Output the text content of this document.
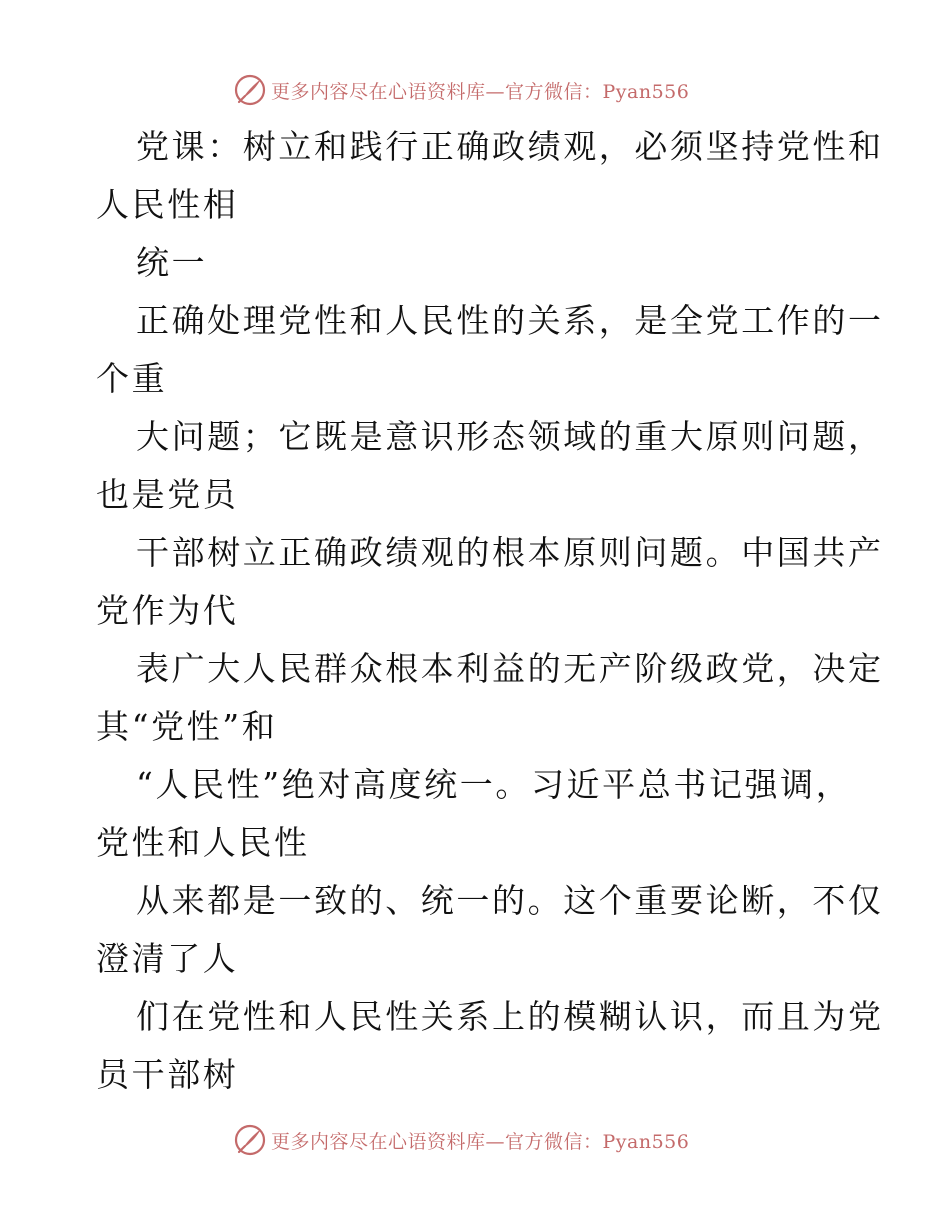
更多内容尽在心语资料库—官方微信：Pyan556
党课：树立和践行正确政绩观，必须坚持党性和
人民性相
统一
正确处理党性和人民性的关系，是全党工作的一
个重
大问题；它既是意识形态领域的重大原则问题，
也是党员
干部树立正确政绩观的根本原则问题。中国共产
党作为代
表广大人民群众根本利益的无产阶级政党，决定
其“党性”和
“人民性”绝对高度统一。习近平总书记强调，
党性和人民性
从来都是一致的、统一的。这个重要论断，不仅
澄清了人
们在党性和人民性关系上的模糊认识，而且为党
员干部树
更多内容尽在心语资料库—官方微信：Pyan556
